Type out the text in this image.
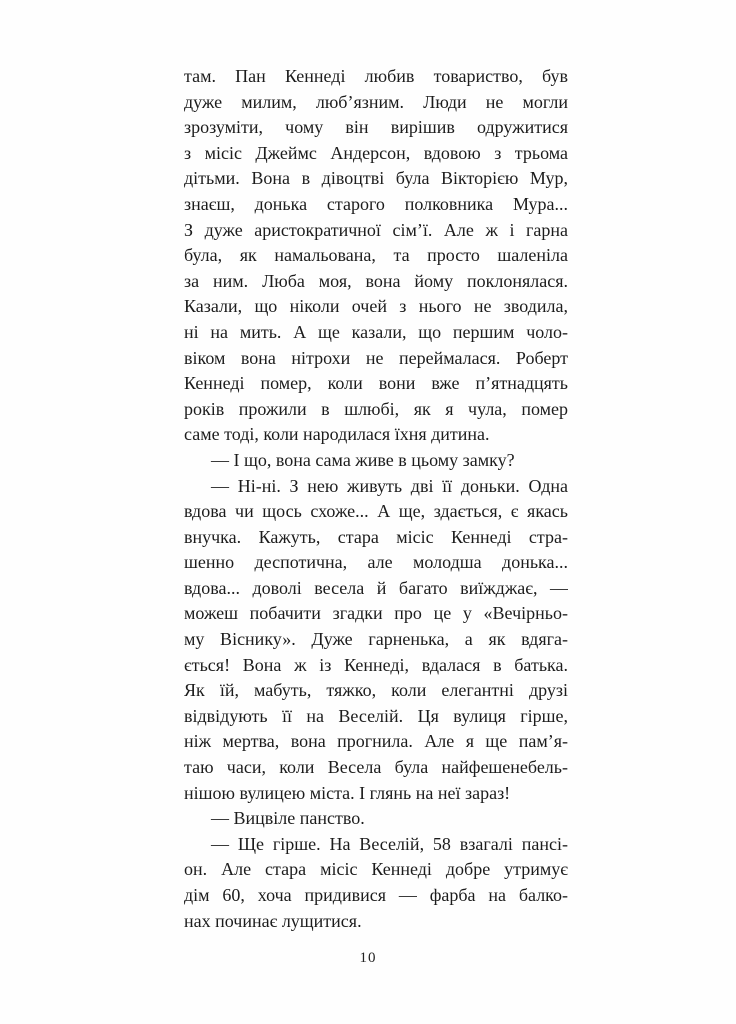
там. Пан Кеннеді любив товариство, був
дуже милим, люб’язним. Люди не могли
зрозуміти, чому він вирішив одружитися
з місіс Джеймс Андерсон, вдовою з трьома
дітьми. Вона в дівоцтві була Вікторією Мур,
знаєш, донька старого полковника Мура...
З дуже аристократичної сім’ї. Але ж і гарна
була, як намальована, та просто шаленіла
за ним. Люба моя, вона йому поклонялася.
Казали, що ніколи очей з нього не зводила,
ні на мить. А ще казали, що першим чоло-
віком вона нітрохи не переймалася. Роберт
Кеннеді помер, коли вони вже п’ятнадцять
років прожили в шлюбі, як я чула, помер
саме тоді, коли народилася їхня дитина.
— І що, вона сама живе в цьому замку?
— Ні-ні. З нею живуть дві її доньки. Одна
вдова чи щось схоже... А ще, здається, є якась
внучка. Кажуть, стара місіс Кеннеді стра-
шенно деспотична, але молодша донька...
вдова... доволі весела й багато виїжджає, —
можеш побачити згадки про це у «Вечірньо-
му Віснику». Дуже гарненька, а як вдяга-
ється! Вона ж із Кеннеді, вдалася в батька.
Як їй, мабуть, тяжко, коли елегантні друзі
відвідують її на Веселій. Ця вулиця гірше,
ніж мертва, вона прогнила. Але я ще пам’я-
таю часи, коли Весела була найфешенебель-
нішою вулицею міста. І глянь на неї зараз!
— Вицвіле панство.
— Ще гірше. На Веселій, 58 взагалі пансі-
он. Але стара місіс Кеннеді добре утримує
дім 60, хоча придивися — фарба на балко-
нах починає лущитися.
10
